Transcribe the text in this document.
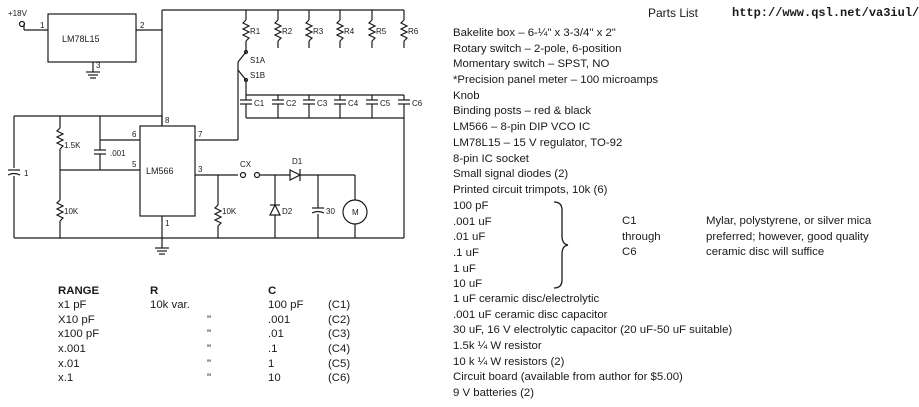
+18V
LM78L15
1	2
3
R1	R2	R3	R4	R5	R6
S1A
S1B
C1	C2	C3	C4	C5	C6
LM566
8
6	7
5
3
1
1.5K
10K	10K
.001
1
CX	D1
D2	30 M
RANGE	R	C	
x1 pF	10k var.	100 pF	(C1)
X10 pF	"	.001	(C2)
x100 pF	"	.01	(C3)
x.001	"	.1	(C4)
x.01	"	1	(C5)
x.1	"	10	(C6)
Parts List	http://www.qsl.net/va3iul/
Bakelite box – 6-¼" x 3-3/4" x 2"
Rotary switch – 2-pole, 6-position
Momentary switch – SPST, NO
*Precision panel meter – 100 microamps
Knob
Binding posts – red & black
LM566 – 8-pin DIP VCO IC
LM78L15 – 15 V regulator, TO-92
8-pin IC socket
Small signal diodes (2)
Printed circuit trimpots, 10k (6)
100 pF
.001 uF
.01 uF
.1 uF
1 uF
10 uF
C1
through
C6
Mylar, polystyrene, or silver mica preferred; however, good quality ceramic disc will suffice
1 uF ceramic disc/electrolytic
.001 uF ceramic disc capacitor
30 uF, 16 V electrolytic capacitor (20 uF-50 uF suitable)
1.5k ¼ W resistor
10 k ¼ W resistors (2)
Circuit board (available from author for $5.00)
9 V batteries (2)
